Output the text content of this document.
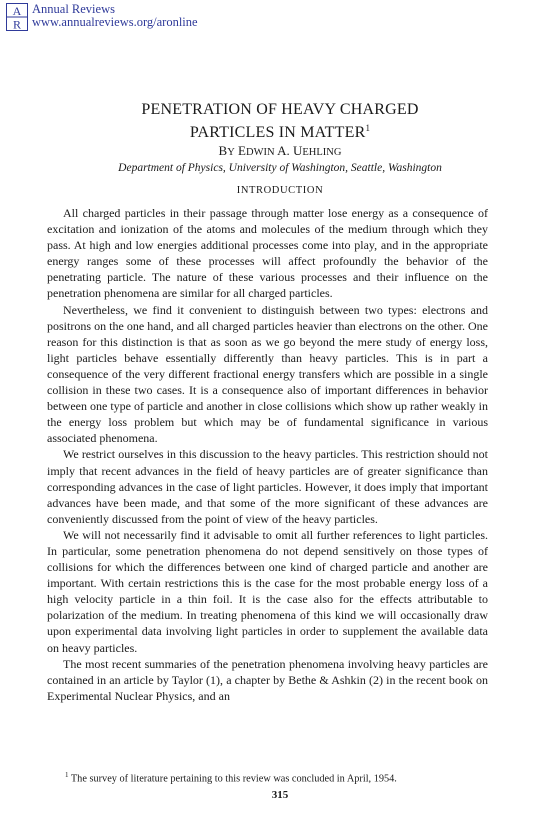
A
R
Annual Reviews
www.annualreviews.org/aronline
PENETRATION OF HEAVY CHARGED
PARTICLES IN MATTER$^1$
BY EDWIN A. UEHLING
Department of Physics, University of Washington, Seattle, Washington
INTRODUCTION

All charged particles in their passage through matter lose energy as a consequence of excitation and ionization of the atoms and molecules of the medium through which they pass. At high and low energies additional processes come into play, and in the appropriate energy ranges some of these processes will affect profoundly the behavior of the penetrating particle. The nature of these various processes and their influence on the penetration phenomena are similar for all charged particles.

Nevertheless, we find it convenient to distinguish between two types: electrons and positrons on the one hand, and all charged particles heavier than electrons on the other. One reason for this distinction is that as soon as we go beyond the mere study of energy loss, light particles behave essentially differently than heavy particles. This is in part a consequence of the very different fractional energy transfers which are possible in a single collision in these two cases. It is a consequence also of important differences in behavior between one type of particle and another in close collisions which show up rather weakly in the energy loss problem but which may be of fundamental significance in various associated phenomena.

We restrict ourselves in this discussion to the heavy particles. This restriction should not imply that recent advances in the field of heavy particles are of greater significance than corresponding advances in the case of light particles. However, it does imply that important advances have been made, and that some of the more significant of these advances are conveniently discussed from the point of view of the heavy particles.

We will not necessarily find it advisable to omit all further references to light particles. In particular, some penetration phenomena do not depend sensitively on those types of collisions for which the differences between one kind of charged particle and another are important. With certain restrictions this is the case for the most probable energy loss of a high velocity particle in a thin foil. It is the case also for the effects attributable to polarization of the medium. In treating phenomena of this kind we will occasionally draw upon experimental data involving light particles in order to supplement the available data on heavy particles.

The most recent summaries of the penetration phenomena involving heavy particles are contained in an article by Taylor (1), a chapter by Bethe & Ashkin (2) in the recent book on Experimental Nuclear Physics, and an

$^1$ The survey of literature pertaining to this review was concluded in April, 1954.

315
